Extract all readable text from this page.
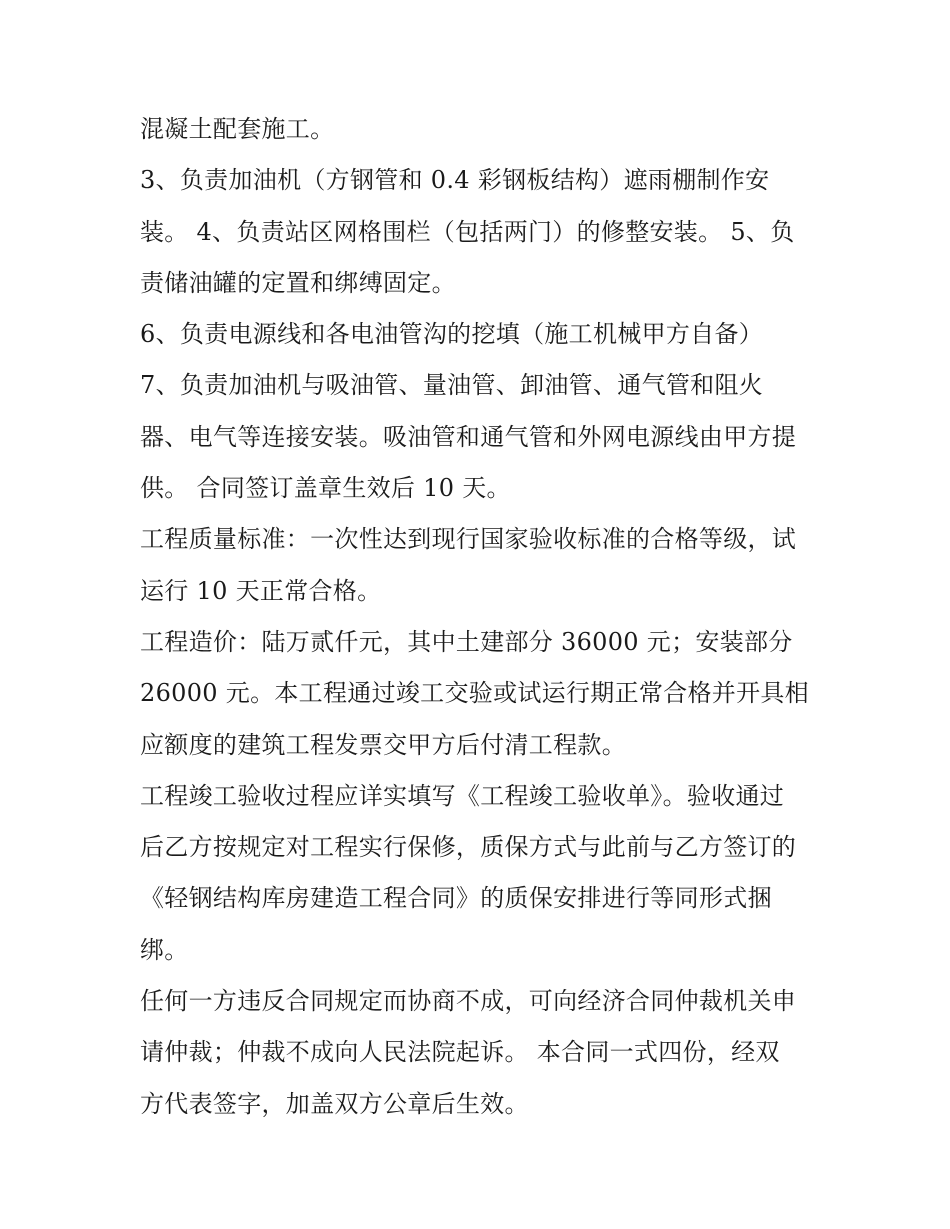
混凝土配套施工。
3、负责加油机（方钢管和 0.4 彩钢板结构）遮雨棚制作安
装。 4、负责站区网格围栏（包括两门）的修整安装。 5、负
责储油罐的定置和绑缚固定。
6、负责电源线和各电油管沟的挖填（施工机械甲方自备）
7、负责加油机与吸油管、量油管、卸油管、通气管和阻火
器、电气等连接安装。吸油管和通气管和外网电源线由甲方提
供。 合同签订盖章生效后 10 天。
工程质量标准：一次性达到现行国家验收标准的合格等级，试
运行 10 天正常合格。
工程造价：陆万贰仟元，其中土建部分 36000 元；安装部分
26000 元。本工程通过竣工交验或试运行期正常合格并开具相
应额度的建筑工程发票交甲方后付清工程款。
工程竣工验收过程应详实填写《工程竣工验收单》。验收通过
后乙方按规定对工程实行保修，质保方式与此前与乙方签订的
《轻钢结构库房建造工程合同》的质保安排进行等同形式捆
绑。
任何一方违反合同规定而协商不成，可向经济合同仲裁机关申
请仲裁；仲裁不成向人民法院起诉。 本合同一式四份，经双
方代表签字，加盖双方公章后生效。
